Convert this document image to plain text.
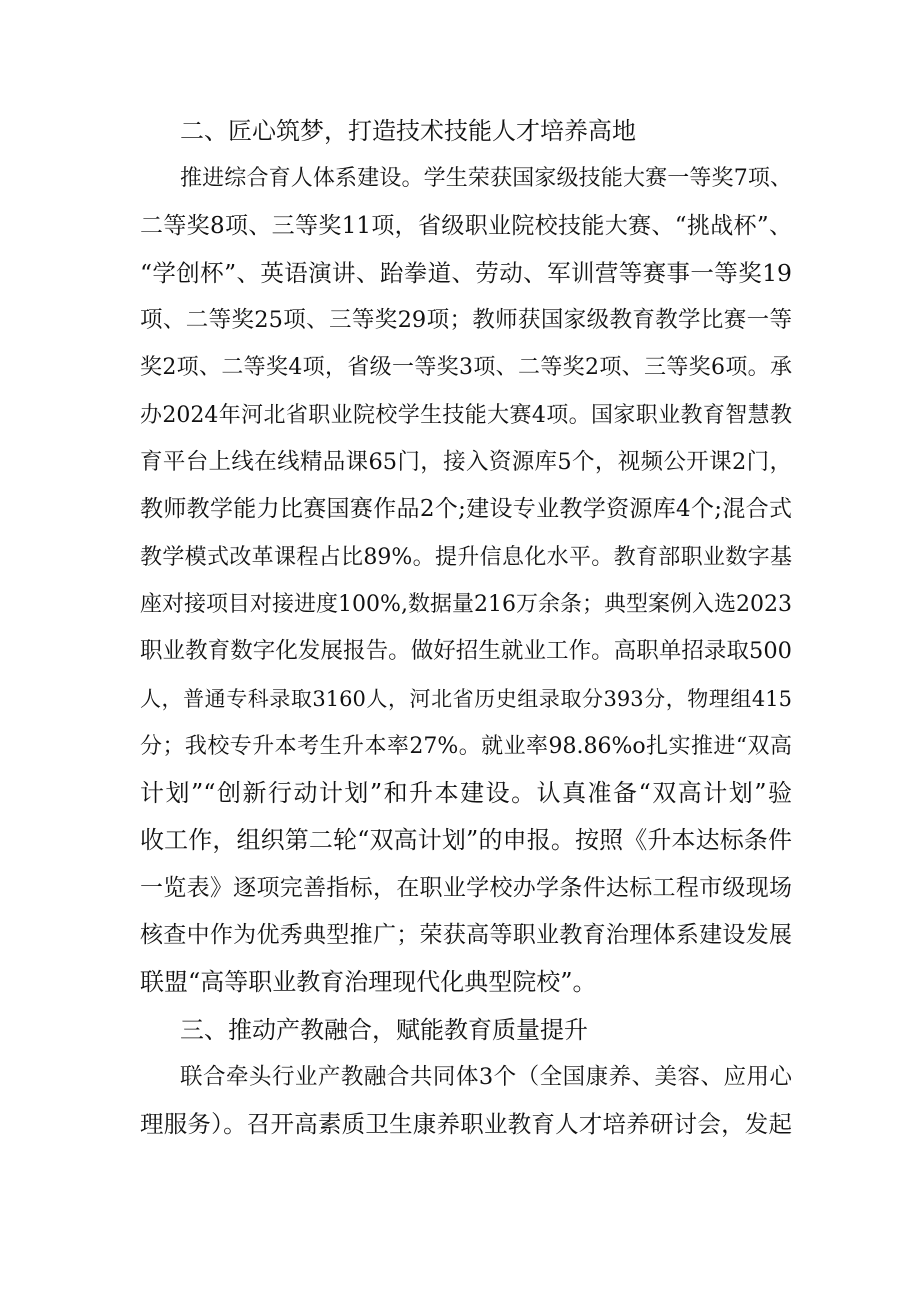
二、匠心筑梦，打造技术技能人才培养高地
推进综合育人体系建设。学生荣获国家级技能大赛一等奖7项、
二等奖8项、三等奖11项，省级职业院校技能大赛、“挑战杯”、
“学创杯”、英语演讲、跆拳道、劳动、军训营等赛事一等奖19
项、二等奖25项、三等奖29项；教师获国家级教育教学比赛一等
奖2项、二等奖4项，省级一等奖3项、二等奖2项、三等奖6项。承
办2024年河北省职业院校学生技能大赛4项。国家职业教育智慧教
育平台上线在线精品课65门，接入资源库5个，视频公开课2门，
教师教学能力比赛国赛作品2个;建设专业教学资源库4个;混合式
教学模式改革课程占比89%。提升信息化水平。教育部职业数字基
座对接项目对接进度100%,数据量216万余条；典型案例入选2023
职业教育数字化发展报告。做好招生就业工作。高职单招录取500
人，普通专科录取3160人，河北省历史组录取分393分，物理组415
分；我校专升本考生升本率27%。就业率98.86%o扎实推进“双高
计划”“创新行动计划”和升本建设。认真准备“双高计划”验
收工作，组织第二轮“双高计划”的申报。按照《升本达标条件
一览表》逐项完善指标，在职业学校办学条件达标工程市级现场
核查中作为优秀典型推广；荣获高等职业教育治理体系建设发展
联盟“高等职业教育治理现代化典型院校”。
三、推动产教融合，赋能教育质量提升
联合牵头行业产教融合共同体3个（全国康养、美容、应用心
理服务）。召开高素质卫生康养职业教育人才培养研讨会，发起
